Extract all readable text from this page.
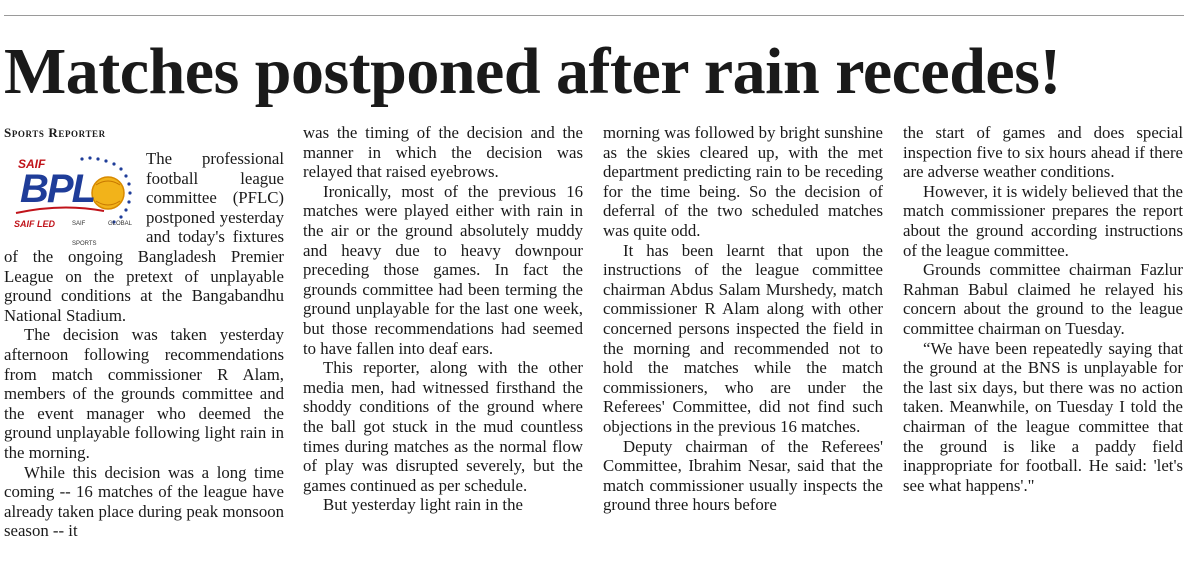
Matches postponed after rain recedes!
Sports Reporter
SAIF
BPL
SAIF LED	SAIF GLOBAL SPORTS

The professional football league committee (PFLC) postponed yesterday and today's fixtures of the ongoing Bangladesh Premier League on the pretext of unplayable ground conditions at the Bangabandhu National Stadium.

The decision was taken yesterday afternoon following recommendations from match commissioner R Alam, members of the grounds committee and the event manager who deemed the ground unplayable following light rain in the morning.

While this decision was a long time coming -- 16 matches of the league have already taken place during peak monsoon season -- it

was the timing of the decision and the manner in which the decision was relayed that raised eyebrows.

Ironically, most of the previous 16 matches were played either with rain in the air or the ground absolutely muddy and heavy due to heavy downpour preceding those games. In fact the grounds committee had been terming the ground unplayable for the last one week, but those recommendations had seemed to have fallen into deaf ears.

This reporter, along with the other media men, had witnessed firsthand the shoddy conditions of the ground where the ball got stuck in the mud countless times during matches as the normal flow of play was disrupted severely, but the games continued as per schedule.

But yesterday light rain in the

morning was followed by bright sunshine as the skies cleared up, with the met department predicting rain to be receding for the time being. So the decision of deferral of the two scheduled matches was quite odd.

It has been learnt that upon the instructions of the league committee chairman Abdus Salam Murshedy, match commissioner R Alam along with other concerned persons inspected the field in the morning and recommended not to hold the matches while the match commissioners, who are under the Referees' Committee, did not find such objections in the previous 16 matches.

Deputy chairman of the Referees' Committee, Ibrahim Nesar, said that the match commissioner usually inspects the ground three hours before

the start of games and does special inspection five to six hours ahead if there are adverse weather conditions.

However, it is widely believed that the match commissioner prepares the report about the ground according instructions of the league committee.

Grounds committee chairman Fazlur Rahman Babul claimed he relayed his concern about the ground to the league committee chairman on Tuesday.

“We have been repeatedly saying that the ground at the BNS is unplayable for the last six days, but there was no action taken. Meanwhile, on Tuesday I told the chairman of the league committee that the ground is like a paddy field inappropriate for football. He said: 'let's see what happens'."
